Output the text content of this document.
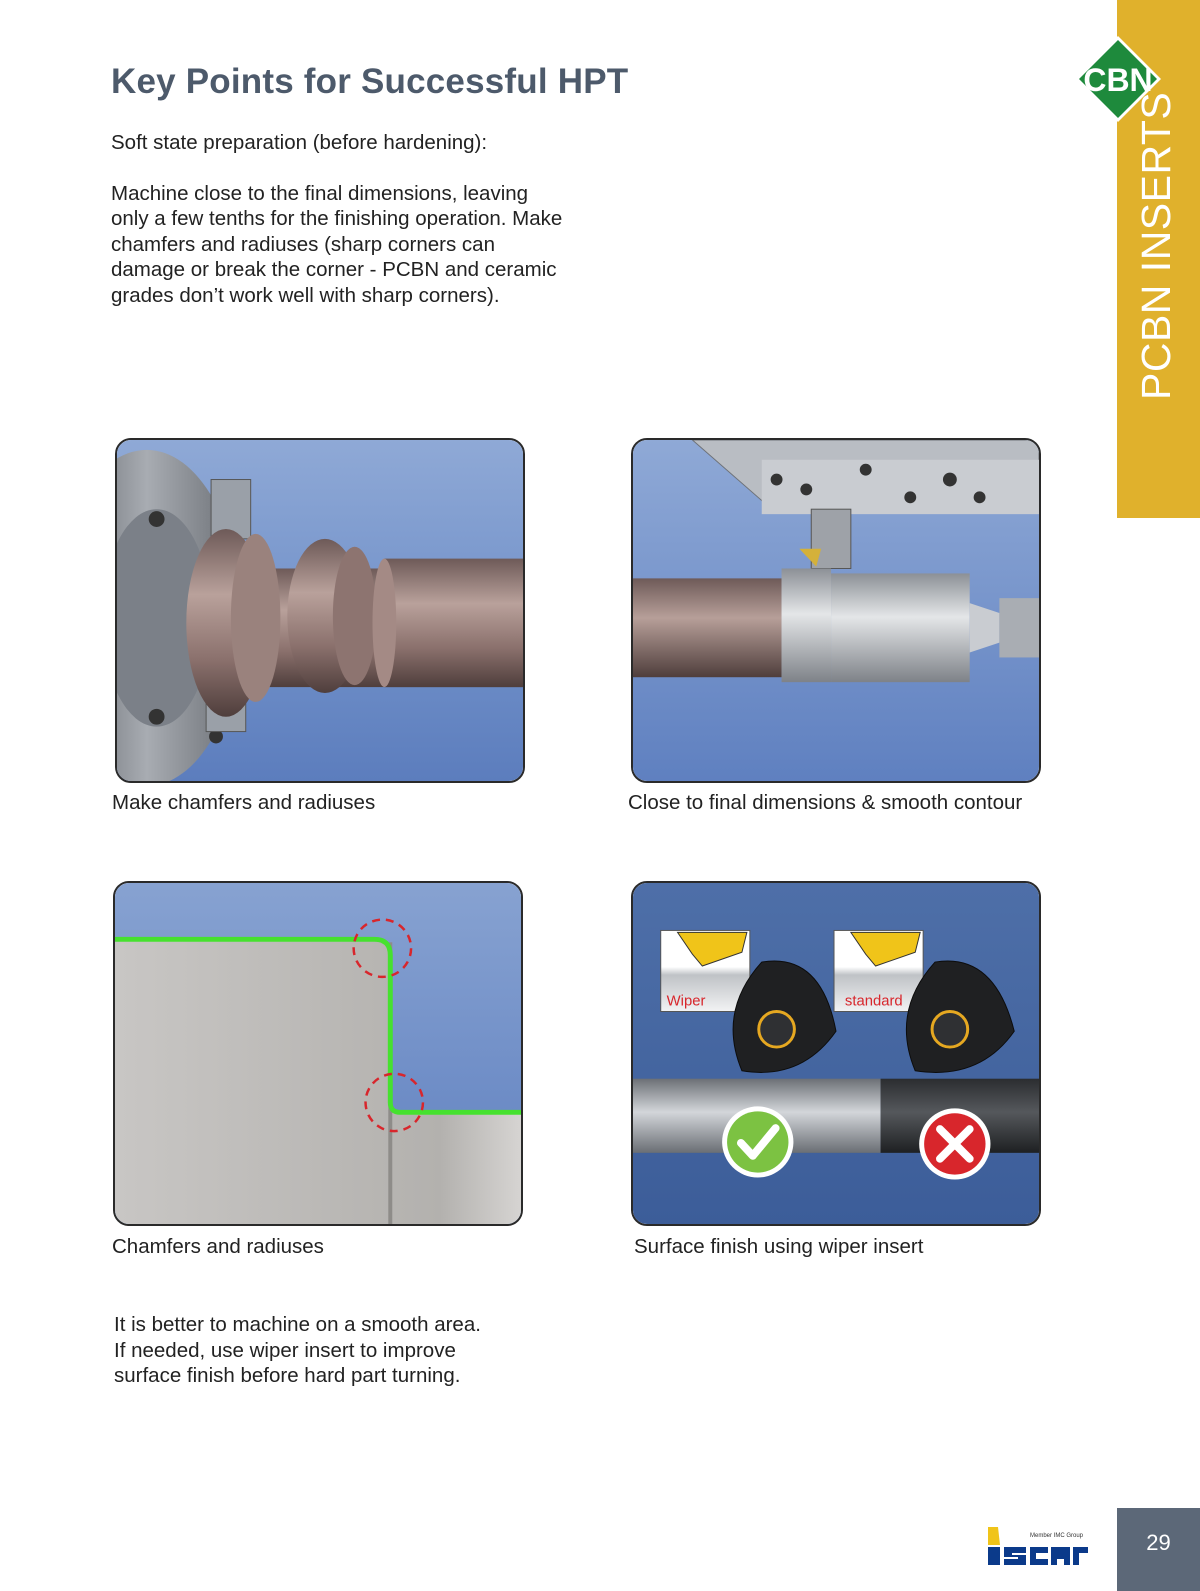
Key Points for Successful HPT

Soft state preparation (before hardening):

Machine close to the final dimensions, leaving only a few tenths for the finishing operation. Make chamfers and radiuses (sharp corners can damage or break the corner - PCBN and ceramic grades don’t work well with sharp corners).	PCBN INSERTS
CBN
Make chamfers and radiuses	Close to final dimensions & smooth contour
Chamfers and radiuses
Wiper	standard
Surface finish using wiper insert

It is better to machine on a smooth area.

If needed, use wiper insert to improve

surface finish before hard part turning.

Member IMC Group	29
